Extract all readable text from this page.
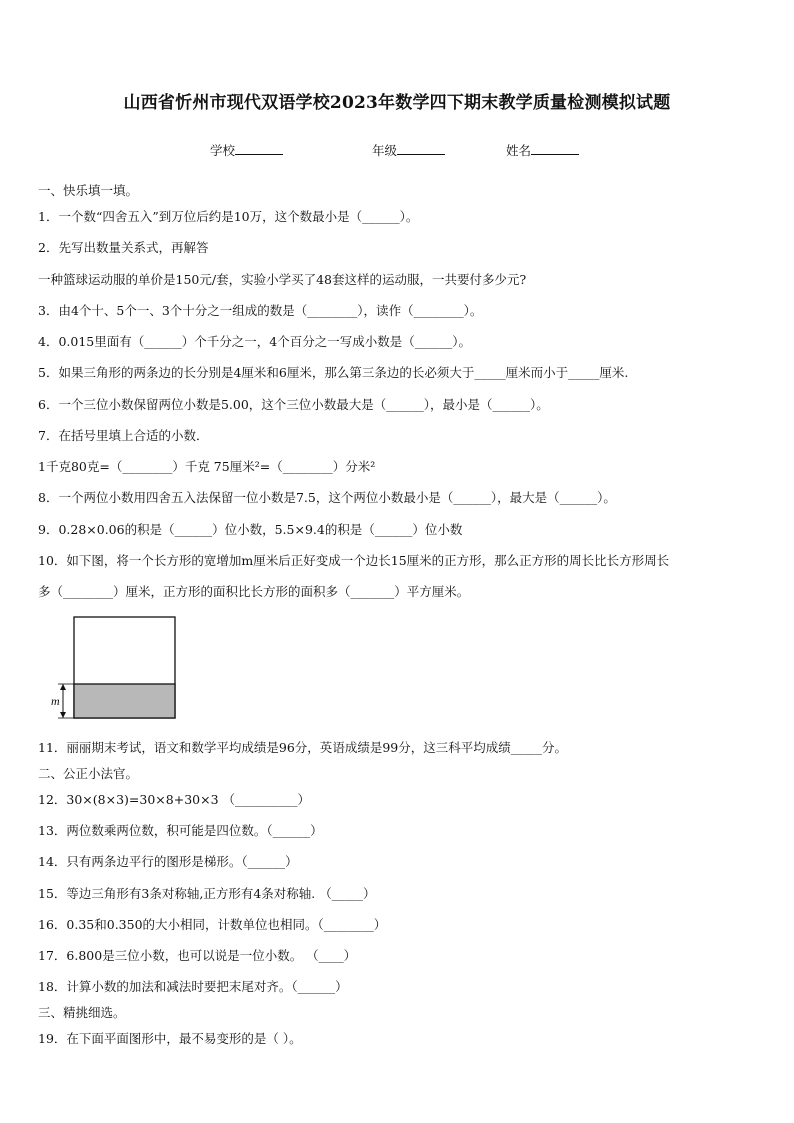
山西省忻州市现代双语学校2023年数学四下期末教学质量检测模拟试题
学校	年级	姓名
一、快乐填一填。
1．一个数“四舍五入”到万位后约是10万，这个数最小是（______）。
2．先写出数量关系式，再解答
一种篮球运动服的单价是150元/套，实验小学买了48套这样的运动服，一共要付多少元?
3．由4个十、5个一、3个十分之一组成的数是（________），读作（________）。
4．0.015里面有（______）个千分之一，4个百分之一写成小数是（______）。
5．如果三角形的两条边的长分别是4厘米和6厘米，那么第三条边的长必须大于_____厘米而小于_____厘米.
6．一个三位小数保留两位小数是5.00，这个三位小数最大是（______），最小是（______）。
7．在括号里填上合适的小数．
1千克80克=（________）千克 75厘米²=（________）分米²
8．一个两位小数用四舍五入法保留一位小数是7.5，这个两位小数最小是（______），最大是（______）。
9．0.28×0.06的积是（______）位小数，5.5×9.4的积是（______）位小数
10．如下图，将一个长方形的宽增加m厘米后正好变成一个边长15厘米的正方形，那么正方形的周长比长方形周长
多（________）厘米，正方形的面积比长方形的面积多（_______）平方厘米。
m
11．丽丽期末考试，语文和数学平均成绩是96分，英语成绩是99分，这三科平均成绩_____分。
二、公正小法官。
12．30×(8×3)=30×8+30×3 （__________）
13．两位数乘两位数，积可能是四位数。（______）
14．只有两条边平行的图形是梯形。（______）
15．等边三角形有3条对称轴,正方形有4条对称轴. （_____）
16．0.35和0.350的大小相同，计数单位也相同。（________）
17．6.800是三位小数，也可以说是一位小数。 （____）
18．计算小数的加法和减法时要把末尾对齐。（______）
三、精挑细选。
19．在下面平面图形中，最不易变形的是（ ）。
